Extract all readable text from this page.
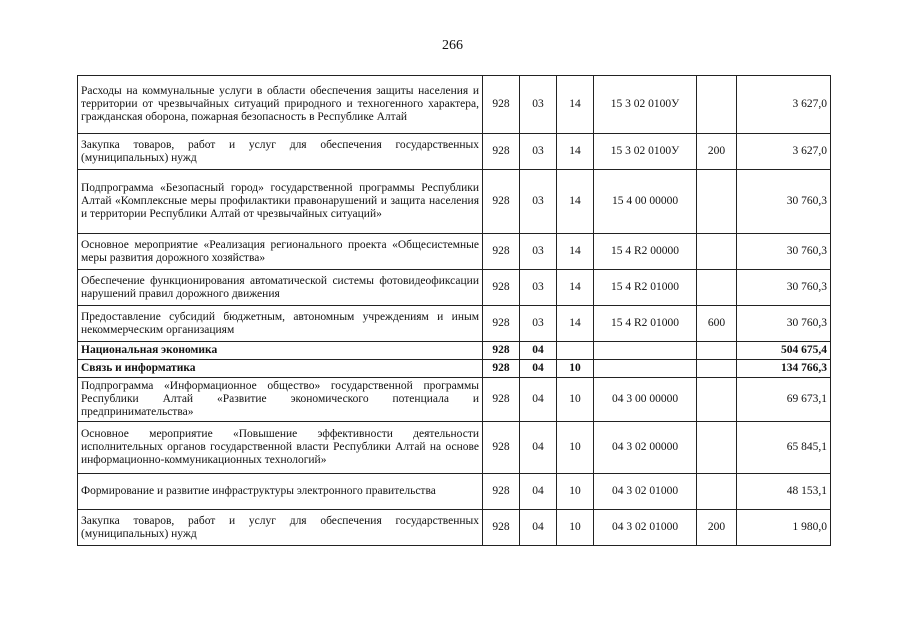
266
Расходы на коммунальные услуги в области обеспечения защиты населения и территории от чрезвычайных ситуаций природного и техногенного характера, гражданская оборона, пожарная безопасность в Республике Алтай	928	03	14	15 3 02 0100У		3 627,0
Закупка товаров, работ и услуг для обеспечения государственных (муниципальных) нужд	928	03	14	15 3 02 0100У	200	3 627,0
Подпрограмма «Безопасный город» государственной программы Республики Алтай «Комплексные меры профилактики правонарушений и защита населения и территории Республики Алтай от чрезвычайных ситуаций»	928	03	14	15 4 00 00000		30 760,3
Основное мероприятие «Реализация регионального проекта «Общесистемные меры развития дорожного хозяйства»	928	03	14	15 4 R2 00000		30 760,3
Обеспечение функционирования автоматической системы фотовидеофиксации нарушений правил дорожного движения	928	03	14	15 4 R2 01000		30 760,3
Предоставление субсидий бюджетным, автономным учреждениям и иным некоммерческим организациям	928	03	14	15 4 R2 01000	600	30 760,3
Национальная экономика	928	04				504 675,4
Связь и информатика	928	04	10			134 766,3
Подпрограмма «Информационное общество» государственной программы Республики Алтай «Развитие экономического потенциала и предпринимательства»	928	04	10	04 3 00 00000		69 673,1
Основное мероприятие «Повышение эффективности деятельности исполнительных органов государственной власти Республики Алтай на основе информационно-коммуникационных технологий»	928	04	10	04 3 02 00000		65 845,1
Формирование и развитие инфраструктуры электронного правительства	928	04	10	04 3 02 01000		48 153,1
Закупка товаров, работ и услуг для обеспечения государственных (муниципальных) нужд	928	04	10	04 3 02 01000	200	1 980,0
